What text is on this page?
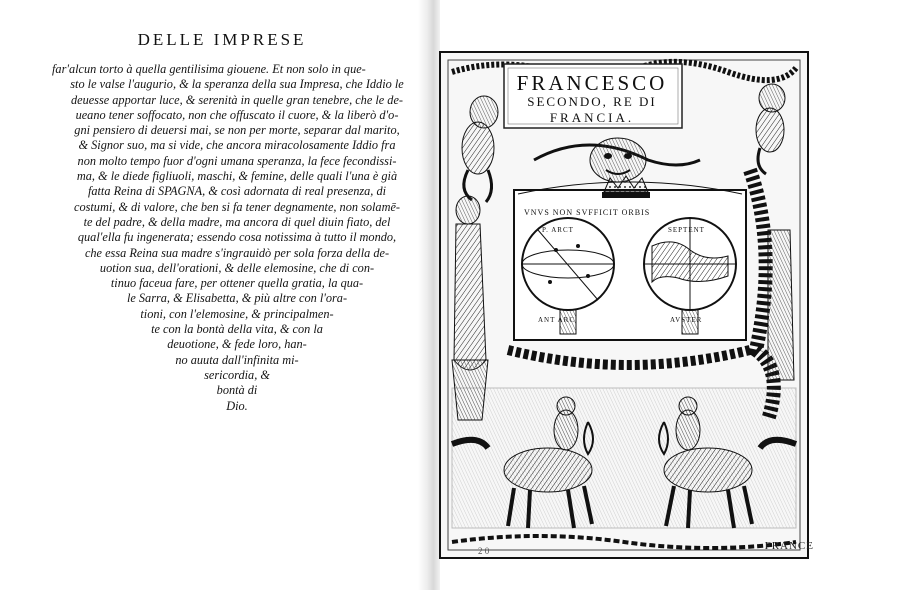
DELLE IMPRESE
far'alcun torto à quella gentilisima giouene. Et non solo in que-
sto le valse l'augurio, & la speranza della sua Impresa, che Iddio le
deuesse apportar luce, & serenità in quelle gran tenebre, che le de-
ueano tener soffocato, non che offuscato il cuore, & la liberò d'o-
gni pensiero di deuersi mai, se non per morte, separar dal marito,
& Signor suo, ma si vide, che ancora miracolosamente Iddio fra
non molto tempo fuor d'ogni umana speranza, la fece fecondissi-
ma, & le diede figliuoli, maschi, & femine, delle quali l'una è già
fatta Reina di SPAGNA, & così adornata di real presenza, di
costumi, & di valore, che ben si fa tener degnamente, non solamē-
te del padre, & della madre, ma ancora di quel diuin fiato, del
qual'ella fu ingenerata; essendo cosa notissima à tutto il mondo,
che essa Reina sua madre s'ingrauidò per sola forza della de-
uotion sua, dell'orationi, & delle elemosine, che di con-
tinuo faceua fare, per ottener quella gratia, la qua-
le Sarra, & Elisabetta, & più altre con l'ora-
tioni, con l'elemosine, & principalmen-
te con la bontà della vita, & con la
deuotione, & fede loro, han-
no auuta dall'infinita mi-
sericordia, &
bontà di
Dio.
FRANCESCO
SECONDO, RE DI
FRANCIA.
VNVS NON SVFFICIT ORBIS
P. ARCT	SEPTENT
ANT ARC	AVSTER
2 0	FRANCE
